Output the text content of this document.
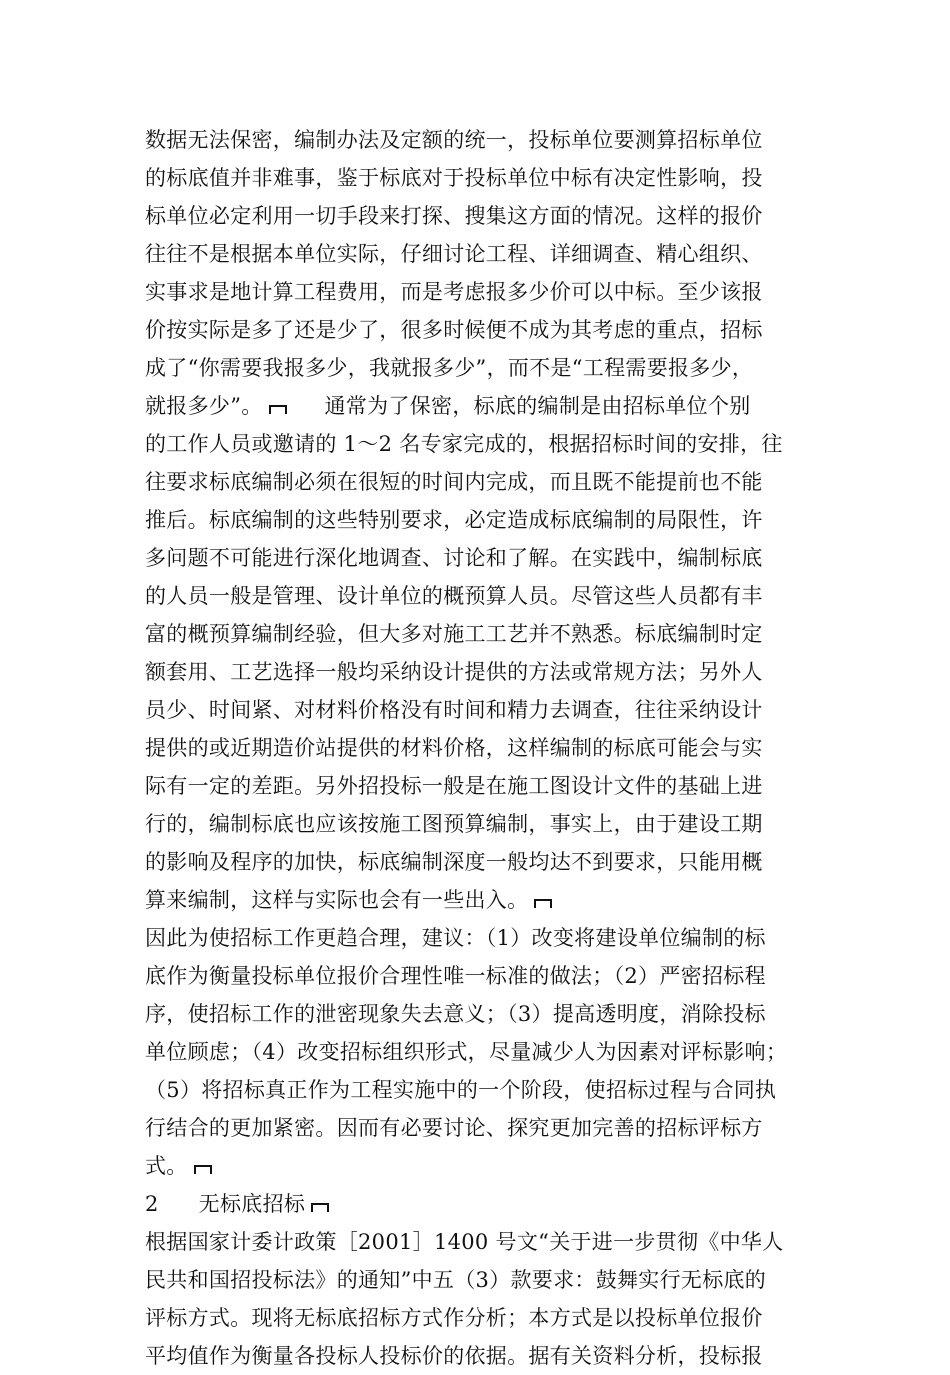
数据无法保密，编制办法及定额的统一，投标单位要测算招标单位
的标底值并非难事，鉴于标底对于投标单位中标有决定性影响，投
标单位必定利用一切手段来打探、搜集这方面的情况。这样的报价
往往不是根据本单位实际，仔细讨论工程、详细调查、精心组织、
实事求是地计算工程费用，而是考虑报多少价可以中标。至少该报
价按实际是多了还是少了，很多时候便不成为其考虑的重点，招标
成了“你需要我报多少，我就报多少”，而不是“工程需要报多少，
就报多少”。	通常为了保密，标底的编制是由招标单位个别
的工作人员或邀请的 1～2 名专家完成的，根据招标时间的安排，往
往要求标底编制必须在很短的时间内完成，而且既不能提前也不能
推后。标底编制的这些特别要求，必定造成标底编制的局限性，许
多问题不可能进行深化地调查、讨论和了解。在实践中，编制标底
的人员一般是管理、设计单位的概预算人员。尽管这些人员都有丰
富的概预算编制经验，但大多对施工工艺并不熟悉。标底编制时定
额套用、工艺选择一般均采纳设计提供的方法或常规方法；另外人
员少、时间紧、对材料价格没有时间和精力去调查，往往采纳设计
提供的或近期造价站提供的材料价格，这样编制的标底可能会与实
际有一定的差距。另外招投标一般是在施工图设计文件的基础上进
行的，编制标底也应该按施工图预算编制，事实上，由于建设工期
的影响及程序的加快，标底编制深度一般均达不到要求，只能用概
算来编制，这样与实际也会有一些出入。
因此为使招标工作更趋合理，建议：（1）改变将建设单位编制的标
底作为衡量投标单位报价合理性唯一标准的做法；（2）严密招标程
序，使招标工作的泄密现象失去意义；（3）提高透明度，消除投标
单位顾虑；（4）改变招标组织形式，尽量减少人为因素对评标影响；
（5）将招标真正作为工程实施中的一个阶段，使招标过程与合同执
行结合的更加紧密。因而有必要讨论、探究更加完善的招标评标方
式。
2 无标底招标
根据国家计委计政策［2001］1400 号文“关于进一步贯彻《中华人
民共和国招投标法》的通知”中五（3）款要求：鼓舞实行无标底的
评标方式。现将无标底招标方式作分析；本方式是以投标单位报价
平均值作为衡量各投标人投标价的依据。据有关资料分析，投标报
